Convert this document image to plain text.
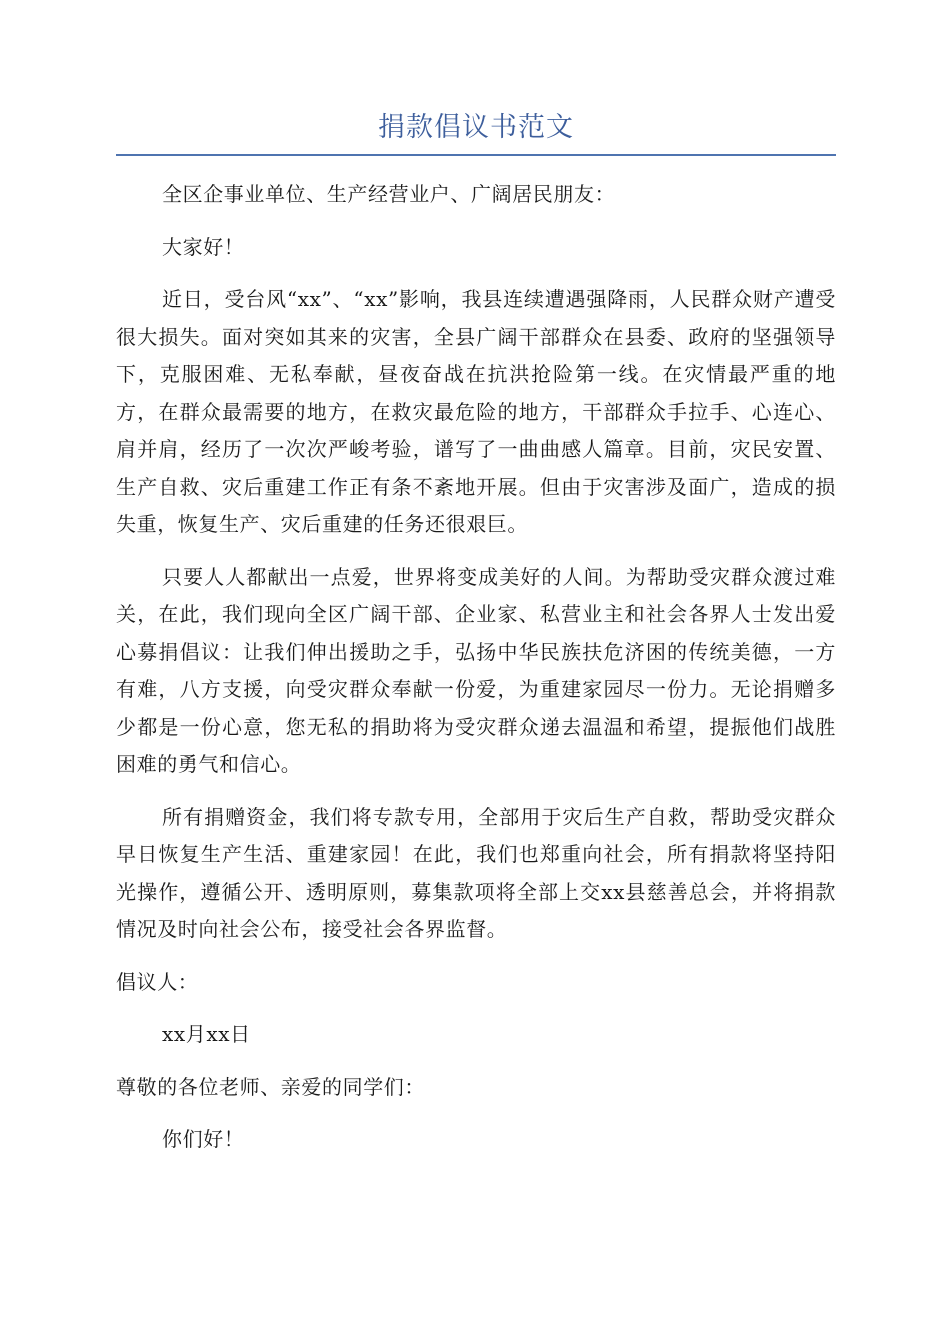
捐款倡议书范文

全区企事业单位、生产经营业户、广阔居民朋友：

大家好！

近日，受台风“xx”、“xx”影响，我县连续遭遇强降雨，人民群众财产遭受很大损失。面对突如其来的灾害，全县广阔干部群众在县委、政府的坚强领导下，克服困难、无私奉献，昼夜奋战在抗洪抢险第一线。在灾情最严重的地方，在群众最需要的地方，在救灾最危险的地方，干部群众手拉手、心连心、肩并肩，经历了一次次严峻考验，谱写了一曲曲感人篇章。目前，灾民安置、生产自救、灾后重建工作正有条不紊地开展。但由于灾害涉及面广，造成的损失重，恢复生产、灾后重建的任务还很艰巨。

只要人人都献出一点爱，世界将变成美好的人间。为帮助受灾群众渡过难关，在此，我们现向全区广阔干部、企业家、私营业主和社会各界人士发出爱心募捐倡议：让我们伸出援助之手，弘扬中华民族扶危济困的传统美德，一方有难，八方支援，向受灾群众奉献一份爱，为重建家园尽一份力。无论捐赠多少都是一份心意，您无私的捐助将为受灾群众递去温温和希望，提振他们战胜困难的勇气和信心。

所有捐赠资金，我们将专款专用，全部用于灾后生产自救，帮助受灾群众早日恢复生产生活、重建家园！在此，我们也郑重向社会，所有捐款将坚持阳光操作，遵循公开、透明原则，募集款项将全部上交xx县慈善总会，并将捐款情况及时向社会公布，接受社会各界监督。

倡议人：

xx月xx日

尊敬的各位老师、亲爱的同学们：

你们好！
